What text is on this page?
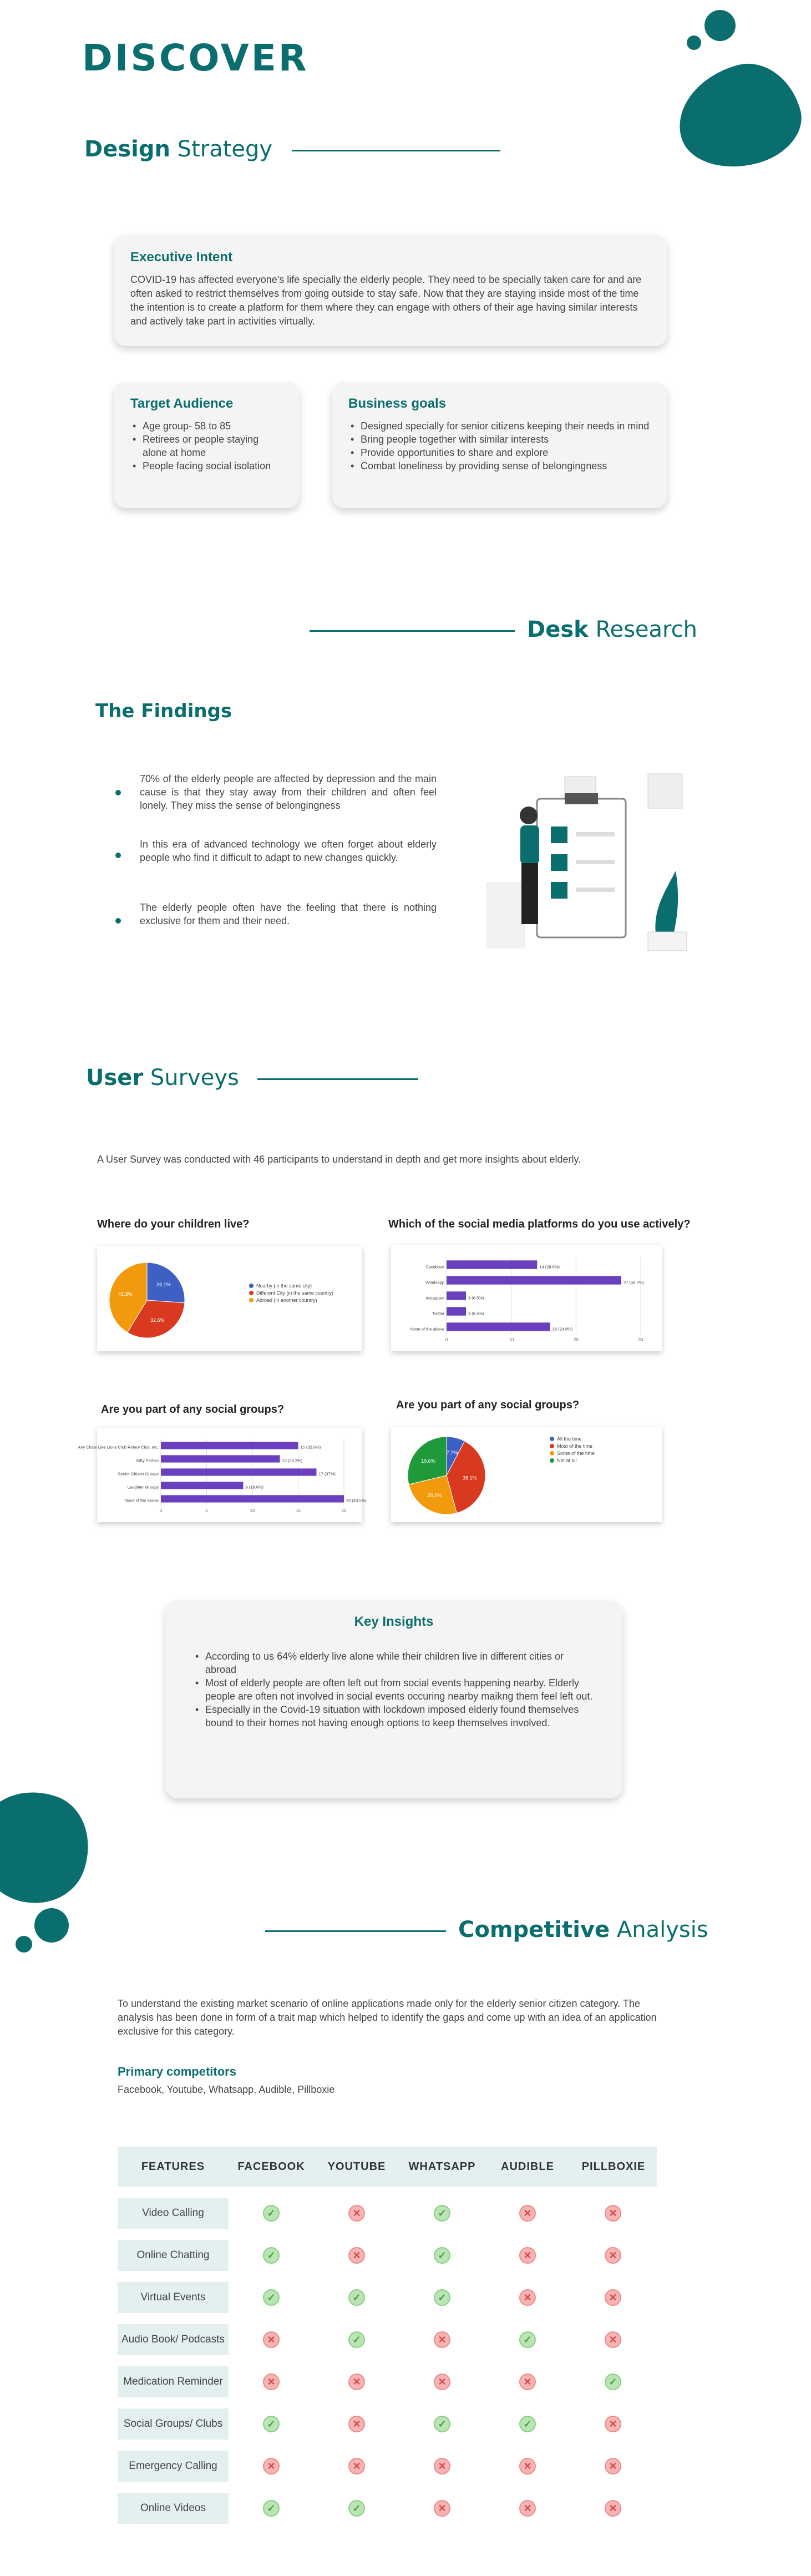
DISCOVER
Design Strategy
Executive Intent

COVID-19 has affected everyone's life specially the elderly people. They need to be specially taken care for and are often asked to restrict themselves from going outside to stay safe. Now that they are staying inside most of the time the intention is to create a platform for them where they can engage with others of their age having similar interests and actively take part in activities virtually.

Target Audience
• Age group- 58 to 85
• Retirees or people staying alone at home
• People facing social isolation
Business goals
• Designed specially for senior citizens keeping their needs in mind
• Bring people together with similar interests
• Provide opportunities to share and explore
• Combat loneliness by providing sense of belongingness
Desk Research
The Findings
70% of the elderly people are affected by depression and the main cause is that they stay away from their children and often feel lonely. They miss the sense of belongingness
In this era of advanced technology we often forget about elderly people who find it difficult to adapt to new changes quickly.
The elderly people often have the feeling that there is nothing exclusive for them and their need.
User Surveys
A User Survey was conducted with 46 participants to understand in depth and get more insights about elderly.
Where do your children live?	Which of the social media platforms do you use actively?
Are you part of any social groups?	Are you part of any social groups?
26.1%
32.6%
41.3%
Nearby (in the same city)
Different City (in the same country)
Abroad (in another country)
0	10	20	30
Facebook	14 (28.6%)
Whatsapp	27 (58.7%)
Instagram	3 (6.5%)
Twitter	3 (6.5%)
None of the above	16 (24.8%)
0	5	10	15	20
Any Clubs Like Lions Club Rotary Club, etc.	15 (32.6%)
Kitty Parties	13 (28.3%)
Senior Citizen Groups	17 (37%)
Laughter Groups	9 (19.6%)
None of the above	20 (43.5%)
7.7%
38.1%
25.5%
19.6%
All the time
Most of the time
Some of the time
Not at all
Key Insights
• According to us 64% elderly live alone while their children live in different cities or abroad
• Most of elderly people are often left out from social events happening nearby. Elderly people are often not involved in social events occuring nearby maikng them feel left out.
• Especially in the Covid-19 situation with lockdown imposed elderly found themselves bound to their homes not having enough options to keep themselves involved.
Competitive Analysis
To understand the existing market scenario of online applications made only for the elderly senior citizen category. The analysis has been done in form of a trait map which helped to identify the gaps and come up with an idea of an application exclusive for this category.
Primary competitors
Facebook, Youtube, Whatsapp, Audible, Pillboxie
FEATURES	FACEBOOK	YOUTUBE	WHATSAPP	AUDIBLE	PILLBOXIE
Video Calling	✓	✕	✓	✕	✕
Online Chatting	✓	✕	✓	✕	✕
Virtual Events	✓	✓	✓	✕	✕
Audio Book/ Podcasts	✕	✓	✕	✓	✕
Medication Reminder	✕	✕	✕	✕	✓
Social Groups/ Clubs	✓	✕	✓	✓	✕
Emergency Calling	✕	✕	✕	✕	✕
Online Videos	✓	✓	✕	✕	✕
